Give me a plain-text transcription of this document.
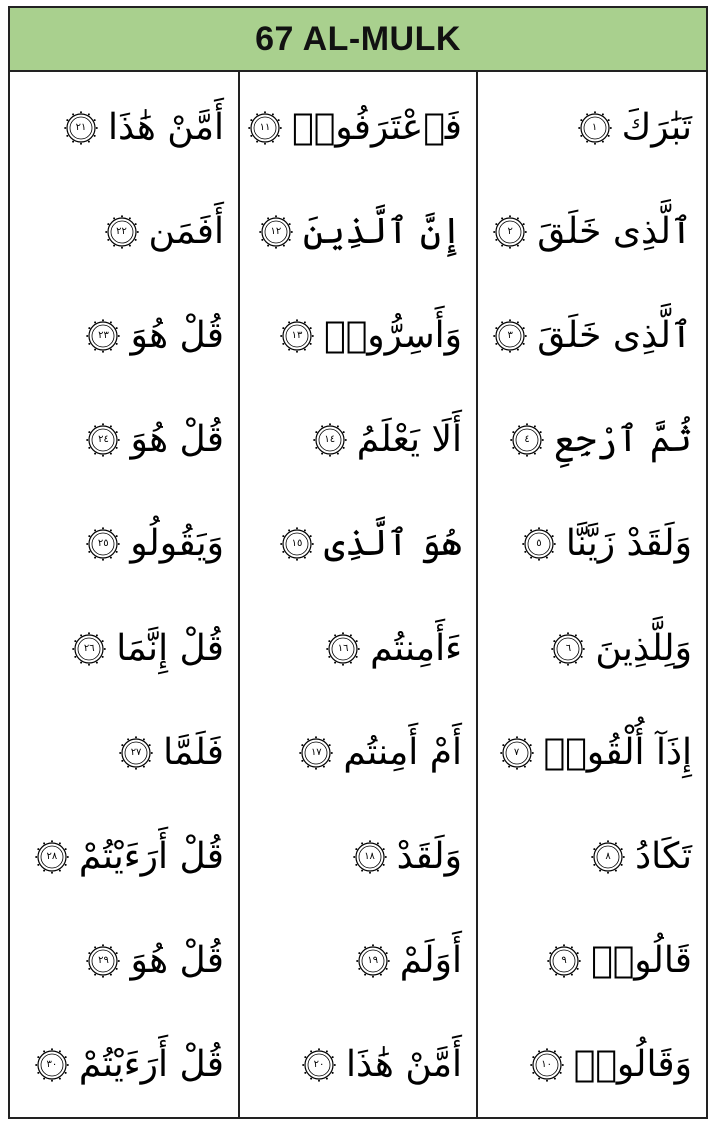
67 AL-MULK
أَمَّنْ هَٰذَا
٢١
أَفَمَن
٢٢
قُلْ هُوَ
٢٣
قُلْ هُوَ
٢٤
وَيَقُولُو
٢٥
قُلْ إِنَّمَا
٢٦
فَلَمَّا
٢٧
قُلْ أَرَءَيْتُمْ
٢٨
قُلْ هُوَ
٢٩
قُلْ أَرَءَيْتُمْ
٣٠
فَٱعْتَرَفُوا۟
١١
إِنَّ ٱلَّذِينَ
١٢
وَأَسِرُّوا۟
١٣
أَلَا يَعْلَمُ
١٤
هُوَ ٱلَّذِى
١٥
ءَأَمِنتُم
١٦
أَمْ أَمِنتُم
١٧
وَلَقَدْ
١٨
أَوَلَمْ
١٩
أَمَّنْ هَٰذَا
٢٠
تَبَٰرَكَ
١
ٱلَّذِى خَلَقَ
٢
ٱلَّذِى خَلَقَ
٣
ثُمَّ ٱرْجِعِ
٤
وَلَقَدْ زَيَّنَّا
٥
وَلِلَّذِينَ
٦
إِذَآ أُلْقُوا۟
٧
تَكَادُ
٨
قَالُوا۟
٩
وَقَالُوا۟
١٠
